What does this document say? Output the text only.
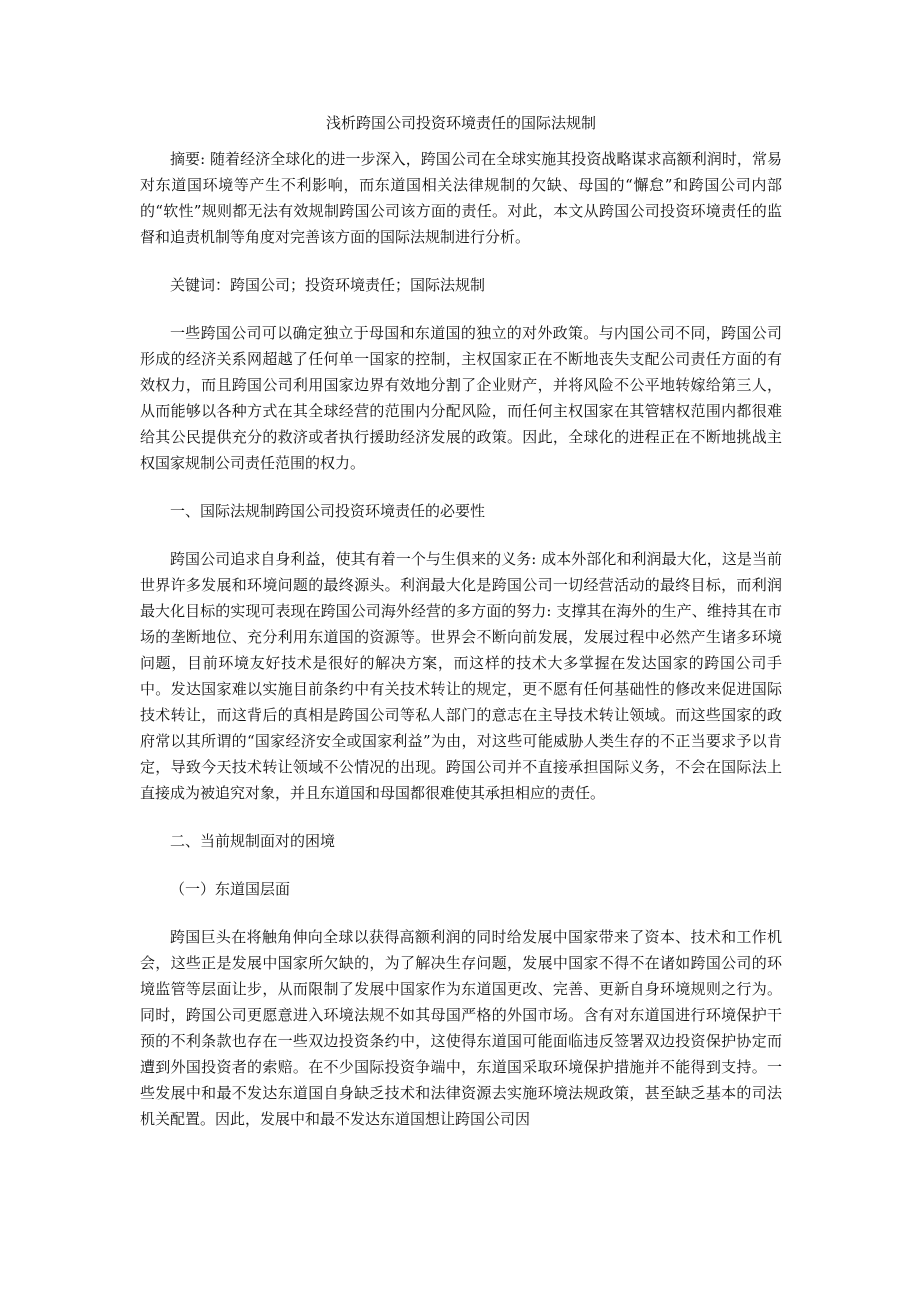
浅析跨国公司投资环境责任的国际法规制

摘要: 随着经济全球化的进一步深入，跨国公司在全球实施其投资战略谋求高额利润时，常易对东道国环境等产生不利影响，而东道国相关法律规制的欠缺、母国的“懈怠”和跨国公司内部的“软性”规则都无法有效规制跨国公司该方面的责任。对此，本文从跨国公司投资环境责任的监督和追责机制等角度对完善该方面的国际法规制进行分析。

关键词：跨国公司；投资环境责任；国际法规制

一些跨国公司可以确定独立于母国和东道国的独立的对外政策。与内国公司不同，跨国公司形成的经济关系网超越了任何单一国家的控制，主权国家正在不断地丧失支配公司责任方面的有效权力，而且跨国公司利用国家边界有效地分割了企业财产，并将风险不公平地转嫁给第三人，从而能够以各种方式在其全球经营的范围内分配风险，而任何主权国家在其管辖权范围内都很难给其公民提供充分的救济或者执行援助经济发展的政策。因此，全球化的进程正在不断地挑战主权国家规制公司责任范围的权力。

一、国际法规制跨国公司投资环境责任的必要性

跨国公司追求自身利益，使其有着一个与生俱来的义务: 成本外部化和利润最大化，这是当前世界许多发展和环境问题的最终源头。利润最大化是跨国公司一切经营活动的最终目标，而利润最大化目标的实现可表现在跨国公司海外经营的多方面的努力: 支撑其在海外的生产、维持其在市场的垄断地位、充分利用东道国的资源等。世界会不断向前发展，发展过程中必然产生诸多环境问题，目前环境友好技术是很好的解决方案，而这样的技术大多掌握在发达国家的跨国公司手中。发达国家难以实施目前条约中有关技术转让的规定，更不愿有任何基础性的修改来促进国际技术转让，而这背后的真相是跨国公司等私人部门的意志在主导技术转让领域。而这些国家的政府常以其所谓的“国家经济安全或国家利益”为由，对这些可能威胁人类生存的不正当要求予以肯定，导致今天技术转让领域不公情况的出现。跨国公司并不直接承担国际义务，不会在国际法上直接成为被追究对象，并且东道国和母国都很难使其承担相应的责任。

二、当前规制面对的困境

（一）东道国层面

跨国巨头在将触角伸向全球以获得高额利润的同时给发展中国家带来了资本、技术和工作机会，这些正是发展中国家所欠缺的，为了解决生存问题，发展中国家不得不在诸如跨国公司的环境监管等层面让步，从而限制了发展中国家作为东道国更改、完善、更新自身环境规则之行为。同时，跨国公司更愿意进入环境法规不如其母国严格的外国市场。含有对东道国进行环境保护干预的不利条款也存在一些双边投资条约中，这使得东道国可能面临违反签署双边投资保护协定而遭到外国投资者的索赔。在不少国际投资争端中，东道国采取环境保护措施并不能得到支持。一些发展中和最不发达东道国自身缺乏技术和法律资源去实施环境法规政策，甚至缺乏基本的司法机关配置。因此，发展中和最不发达东道国想让跨国公司因
